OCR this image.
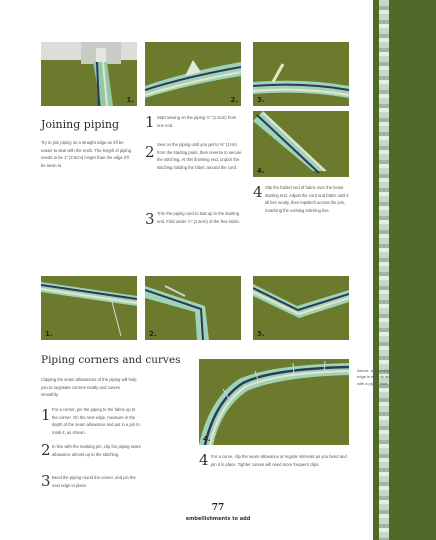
1.	2.	3.
4.
Joining piping
Try to join piping on a straight edge as it'll be easier to deal with the ends. The length of piping needs to be 1" (2.5cm) longer than the edge it'll be sewn to.
1 Start sewing on the piping ½" (1.5cm) from one end.
2 Sew on the piping until you get to ⅜" (1cm) from the starting point, then reverse to secure the stitching. At this finishing end, unpick the stitching holding the fabric around the cord.
3 Trim the piping cord to butt up to the starting end. Fold under ½" (1.5cm) of the free fabric.
4 Slip the folded end of fabric over the loose starting end. Adjust the cord and fabric until it all lies neatly, then topstitch across the join, matching the existing stitching line.
1.	2.	3.
Piping corners and curves
Clipping the seam allowances of the piping will help you to negotiate corners neatly and curves smoothly.
1 For a corner, pin the piping to the fabric up to the corner. On the next edge, measure in the depth of the seam allowance and put in a pin to mark it, as shown.
2 In line with the marking pin, clip the piping seam allowance almost up to the stitching.
3 Bend the piping round the corner, and pin the next edge in place.
4.
4 For a curve, clip the seam allowance at regular intervals as you bend and pin it in place. Tighter curves will need more frequent clips.
Above: a smoothly piped edge is easy to achieve with a piping foot.
77
embellishments to add
